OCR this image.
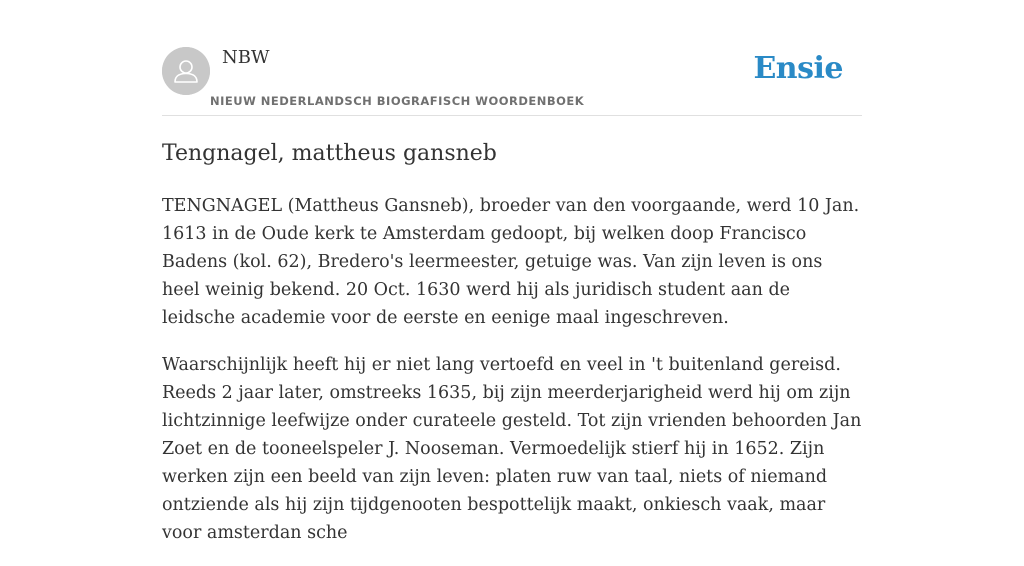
NBW
NIEUW NEDERLANDSCH BIOGRAFISCH WOORDENBOEK
Ensie
Tengnagel, mattheus gansneb

TENGNAGEL (Mattheus Gansneb), broeder van den voorgaande, werd 10 Jan. 1613 in de Oude kerk te Amsterdam gedoopt, bij welken doop Francisco Badens (kol. 62), Bredero's leermeester, getuige was. Van zijn leven is ons heel weinig bekend. 20 Oct. 1630 werd hij als juridisch student aan de leidsche academie voor de eerste en eenige maal ingeschreven.

Waarschijnlijk heeft hij er niet lang vertoefd en veel in 't buitenland gereisd. Reeds 2 jaar later, omstreeks 1635, bij zijn meerderjarigheid werd hij om zijn lichtzinnige leefwijze onder curateele gesteld. Tot zijn vrienden behoorden Jan Zoet en de tooneelspeler J. Nooseman. Vermoedelijk stierf hij in 1652. Zijn werken zijn een beeld van zijn leven: platen ruw van taal, niets of niemand ontziende als hij zijn tijdgenooten bespottelijk maakt, onkiesch vaak, maar voor amsterdan sche
